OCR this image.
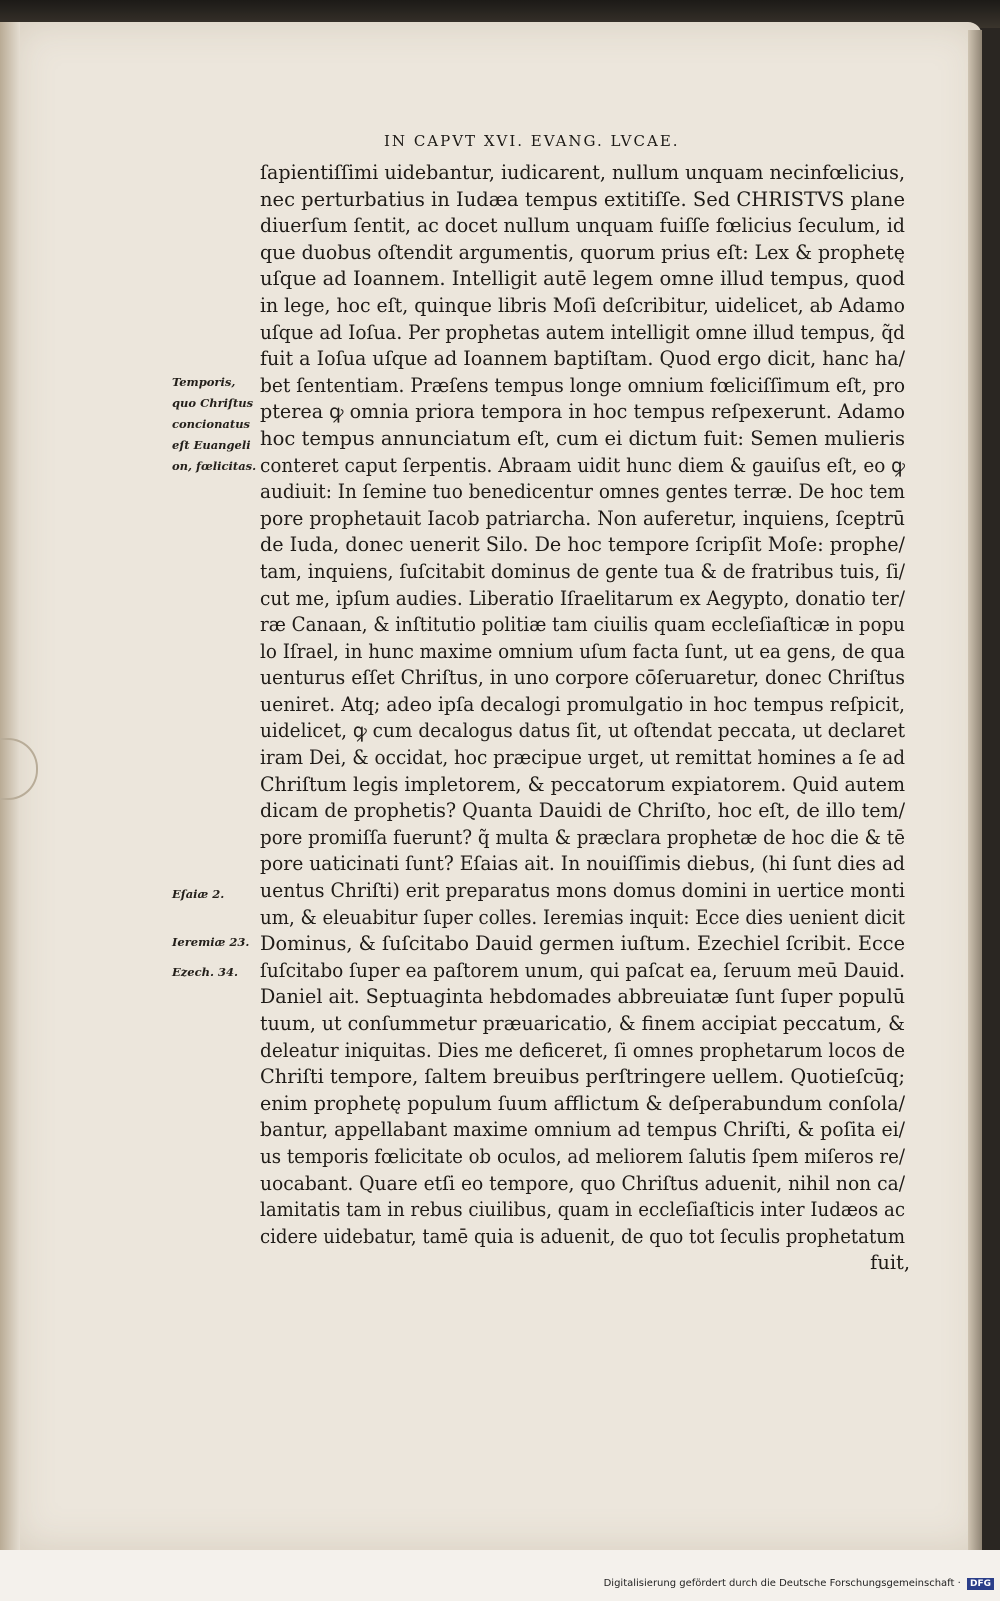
IN CAPVT XVI. EVANG. LVCAE.
Temporis,
quo Chriſtus
concionatus
eſt Euangeli
on, fœlicitas.
Eſaiæ 2.
Ieremiæ 23.
Ezech. 34.
ſapientiſſimi uidebantur, iudicarent, nullum unquam necinfœlicius,
nec perturbatius in Iudæa tempus extitiſſe. Sed CHRISTVS plane
diuerſum ſentit, ac docet nullum unquam fuiſſe fœlicius ſeculum, id
que duobus oſtendit argumentis, quorum prius eſt: Lex & prophetę
uſque ad Ioannem. Intelligit autē legem omne illud tempus, quod
in lege, hoc eſt, quinque libris Moſi deſcribitur, uidelicet, ab Adamo
uſque ad Ioſua. Per prophetas autem intelligit omne illud tempus, q̃d
fuit a Ioſua uſque ad Ioannem baptiſtam. Quod ergo dicit, hanc ha/
bet ſententiam. Præſens tempus longe omnium fœliciſſimum eſt, pro
pterea ꝙ omnia priora tempora in hoc tempus reſpexerunt. Adamo
hoc tempus annunciatum eſt, cum ei dictum fuit: Semen mulieris
conteret caput ſerpentis. Abraam uidit hunc diem & gauiſus eſt, eo ꝙ
audiuit: In ſemine tuo benedicentur omnes gentes terræ. De hoc tem
pore prophetauit Iacob patriarcha. Non auferetur, inquiens, ſceptrū
de Iuda, donec uenerit Silo. De hoc tempore ſcripſit Moſe: prophe/
tam, inquiens, ſuſcitabit dominus de gente tua & de fratribus tuis, ſi/
cut me, ipſum audies. Liberatio Iſraelitarum ex Aegypto, donatio ter/
ræ Canaan, & inſtitutio politiæ tam ciuilis quam eccleſiaſticæ in popu
lo Iſrael, in hunc maxime omnium uſum facta ſunt, ut ea gens, de qua
uenturus eſſet Chriſtus, in uno corpore cōſeruaretur, donec Chriſtus
ueniret. Atq; adeo ipſa decalogi promulgatio in hoc tempus reſpicit,
uidelicet, ꝙ cum decalogus datus ſit, ut oſtendat peccata, ut declaret
iram Dei, & occidat, hoc præcipue urget, ut remittat homines a ſe ad
Chriſtum legis impletorem, & peccatorum expiatorem. Quid autem
dicam de prophetis? Quanta Dauidi de Chriſto, hoc eſt, de illo tem/
pore promiſſa fuerunt? q̃ multa & præclara prophetæ de hoc die & tē
pore uaticinati ſunt? Eſaias ait. In nouiſſimis diebus, (hi ſunt dies ad
uentus Chriſti) erit preparatus mons domus domini in uertice monti
um, & eleuabitur ſuper colles. Ieremias inquit: Ecce dies uenient dicit
Dominus, & ſuſcitabo Dauid germen iuſtum. Ezechiel ſcribit. Ecce
ſuſcitabo ſuper ea paſtorem unum, qui paſcat ea, ſeruum meū Dauid.
Daniel ait. Septuaginta hebdomades abbreuiatæ ſunt ſuper populū
tuum, ut conſummetur præuaricatio, & finem accipiat peccatum, &
deleatur iniquitas. Dies me deficeret, ſi omnes prophetarum locos de
Chriſti tempore, ſaltem breuibus perſtringere uellem. Quotieſcūq;
enim prophetę populum ſuum afflictum & deſperabundum conſola/
bantur, appellabant maxime omnium ad tempus Chriſti, & poſita ei/
us temporis fœlicitate ob oculos, ad meliorem ſalutis ſpem miſeros re/
uocabant. Quare etſi eo tempore, quo Chriſtus aduenit, nihil non ca/
lamitatis tam in rebus ciuilibus, quam in eccleſiaſticis inter Iudæos ac
cidere uidebatur, tamē quia is aduenit, de quo tot ſeculis prophetatum
fuit,
Digitalisierung gefördert durch die Deutsche Forschungsgemeinschaft · DFG
